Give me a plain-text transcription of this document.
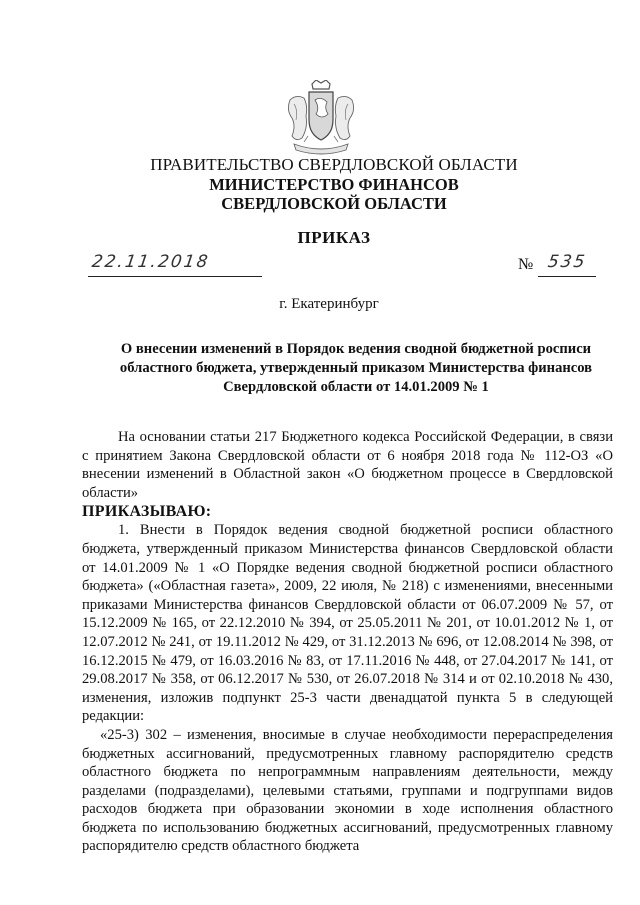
ПРАВИТЕЛЬСТВО СВЕРДЛОВСКОЙ ОБЛАСТИ
МИНИСТЕРСТВО ФИНАНСОВ
СВЕРДЛОВСКОЙ ОБЛАСТИ
ПРИКАЗ
22.11.2018	№ 535
г. Екатеринбург
О внесении изменений в Порядок ведения сводной бюджетной росписи
областного бюджета, утвержденный приказом Министерства финансов
Свердловской области от 14.01.2009 № 1

На основании статьи 217 Бюджетного кодекса Российской Федерации, в связи с принятием Закона Свердловской области от 6 ноября 2018 года № 112-ОЗ «О внесении изменений в Областной закон «О бюджетном процессе в Свердловской области»

ПРИКАЗЫВАЮ:

1. Внести в Порядок ведения сводной бюджетной росписи областного бюджета, утвержденный приказом Министерства финансов Свердловской области от 14.01.2009 № 1 «О Порядке ведения сводной бюджетной росписи областного бюджета» («Областная газета», 2009, 22 июля, № 218) с изменениями, внесенными приказами Министерства финансов Свердловской области от 06.07.2009 № 57, от 15.12.2009 № 165, от 22.12.2010 № 394, от 25.05.2011 № 201, от 10.01.2012 № 1, от 12.07.2012 № 241, от 19.11.2012 № 429, от 31.12.2013 № 696, от 12.08.2014 № 398, от 16.12.2015 № 479, от 16.03.2016 № 83, от 17.11.2016 № 448, от 27.04.2017 № 141, от 29.08.2017 № 358, от 06.12.2017 № 530, от 26.07.2018 № 314 и от 02.10.2018 № 430, изменения, изложив подпункт 25-3 части двенадцатой пункта 5 в следующей редакции:

«25-3) 302 – изменения, вносимые в случае необходимости перераспределения бюджетных ассигнований, предусмотренных главному распорядителю средств областного бюджета по непрограммным направлениям деятельности, между разделами (подразделами), целевыми статьями, группами и подгруппами видов расходов бюджета при образовании экономии в ходе исполнения областного бюджета по использованию бюджетных ассигнований, предусмотренных главному распорядителю средств областного бюджета
